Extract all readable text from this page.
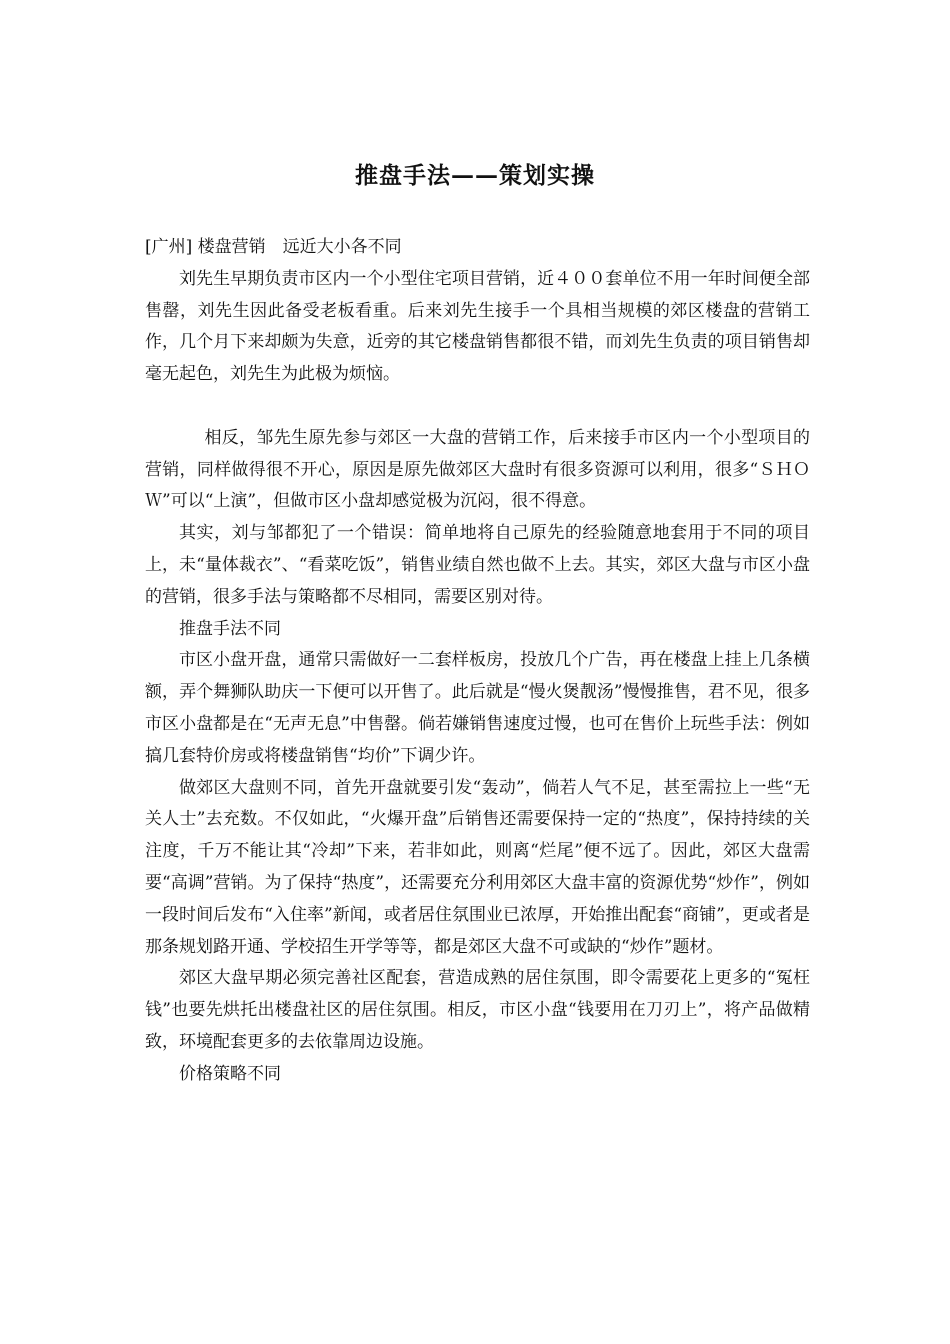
推盘手法——策划实操

[广州] 楼盘营销　远近大小各不同

刘先生早期负责市区内一个小型住宅项目营销，近４００套单位不用一年时间便全部售罄，刘先生因此备受老板看重。后来刘先生接手一个具相当规模的郊区楼盘的营销工作，几个月下来却颇为失意，近旁的其它楼盘销售都很不错，而刘先生负责的项目销售却毫无起色，刘先生为此极为烦恼。

相反，邹先生原先参与郊区一大盘的营销工作，后来接手市区内一个小型项目的营销，同样做得很不开心，原因是原先做郊区大盘时有很多资源可以利用，很多“ＳＨＯＷ”可以“上演”，但做市区小盘却感觉极为沉闷，很不得意。

其实，刘与邹都犯了一个错误：简单地将自己原先的经验随意地套用于不同的项目上，未“量体裁衣”、“看菜吃饭”，销售业绩自然也做不上去。其实，郊区大盘与市区小盘的营销，很多手法与策略都不尽相同，需要区别对待。

推盘手法不同

市区小盘开盘，通常只需做好一二套样板房，投放几个广告，再在楼盘上挂上几条横额，弄个舞狮队助庆一下便可以开售了。此后就是“慢火煲靓汤”慢慢推售，君不见，很多市区小盘都是在“无声无息”中售罄。倘若嫌销售速度过慢，也可在售价上玩些手法：例如搞几套特价房或将楼盘销售“均价”下调少许。

做郊区大盘则不同，首先开盘就要引发“轰动”，倘若人气不足，甚至需拉上一些“无关人士”去充数。不仅如此，“火爆开盘”后销售还需要保持一定的“热度”，保持持续的关注度，千万不能让其“冷却”下来，若非如此，则离“烂尾”便不远了。因此，郊区大盘需要“高调”营销。为了保持“热度”，还需要充分利用郊区大盘丰富的资源优势“炒作”，例如一段时间后发布“入住率”新闻，或者居住氛围业已浓厚，开始推出配套“商铺”，更或者是那条规划路开通、学校招生开学等等，都是郊区大盘不可或缺的“炒作”题材。

郊区大盘早期必须完善社区配套，营造成熟的居住氛围，即令需要花上更多的“冤枉钱”也要先烘托出楼盘社区的居住氛围。相反，市区小盘“钱要用在刀刃上”，将产品做精致，环境配套更多的去依靠周边设施。

价格策略不同
